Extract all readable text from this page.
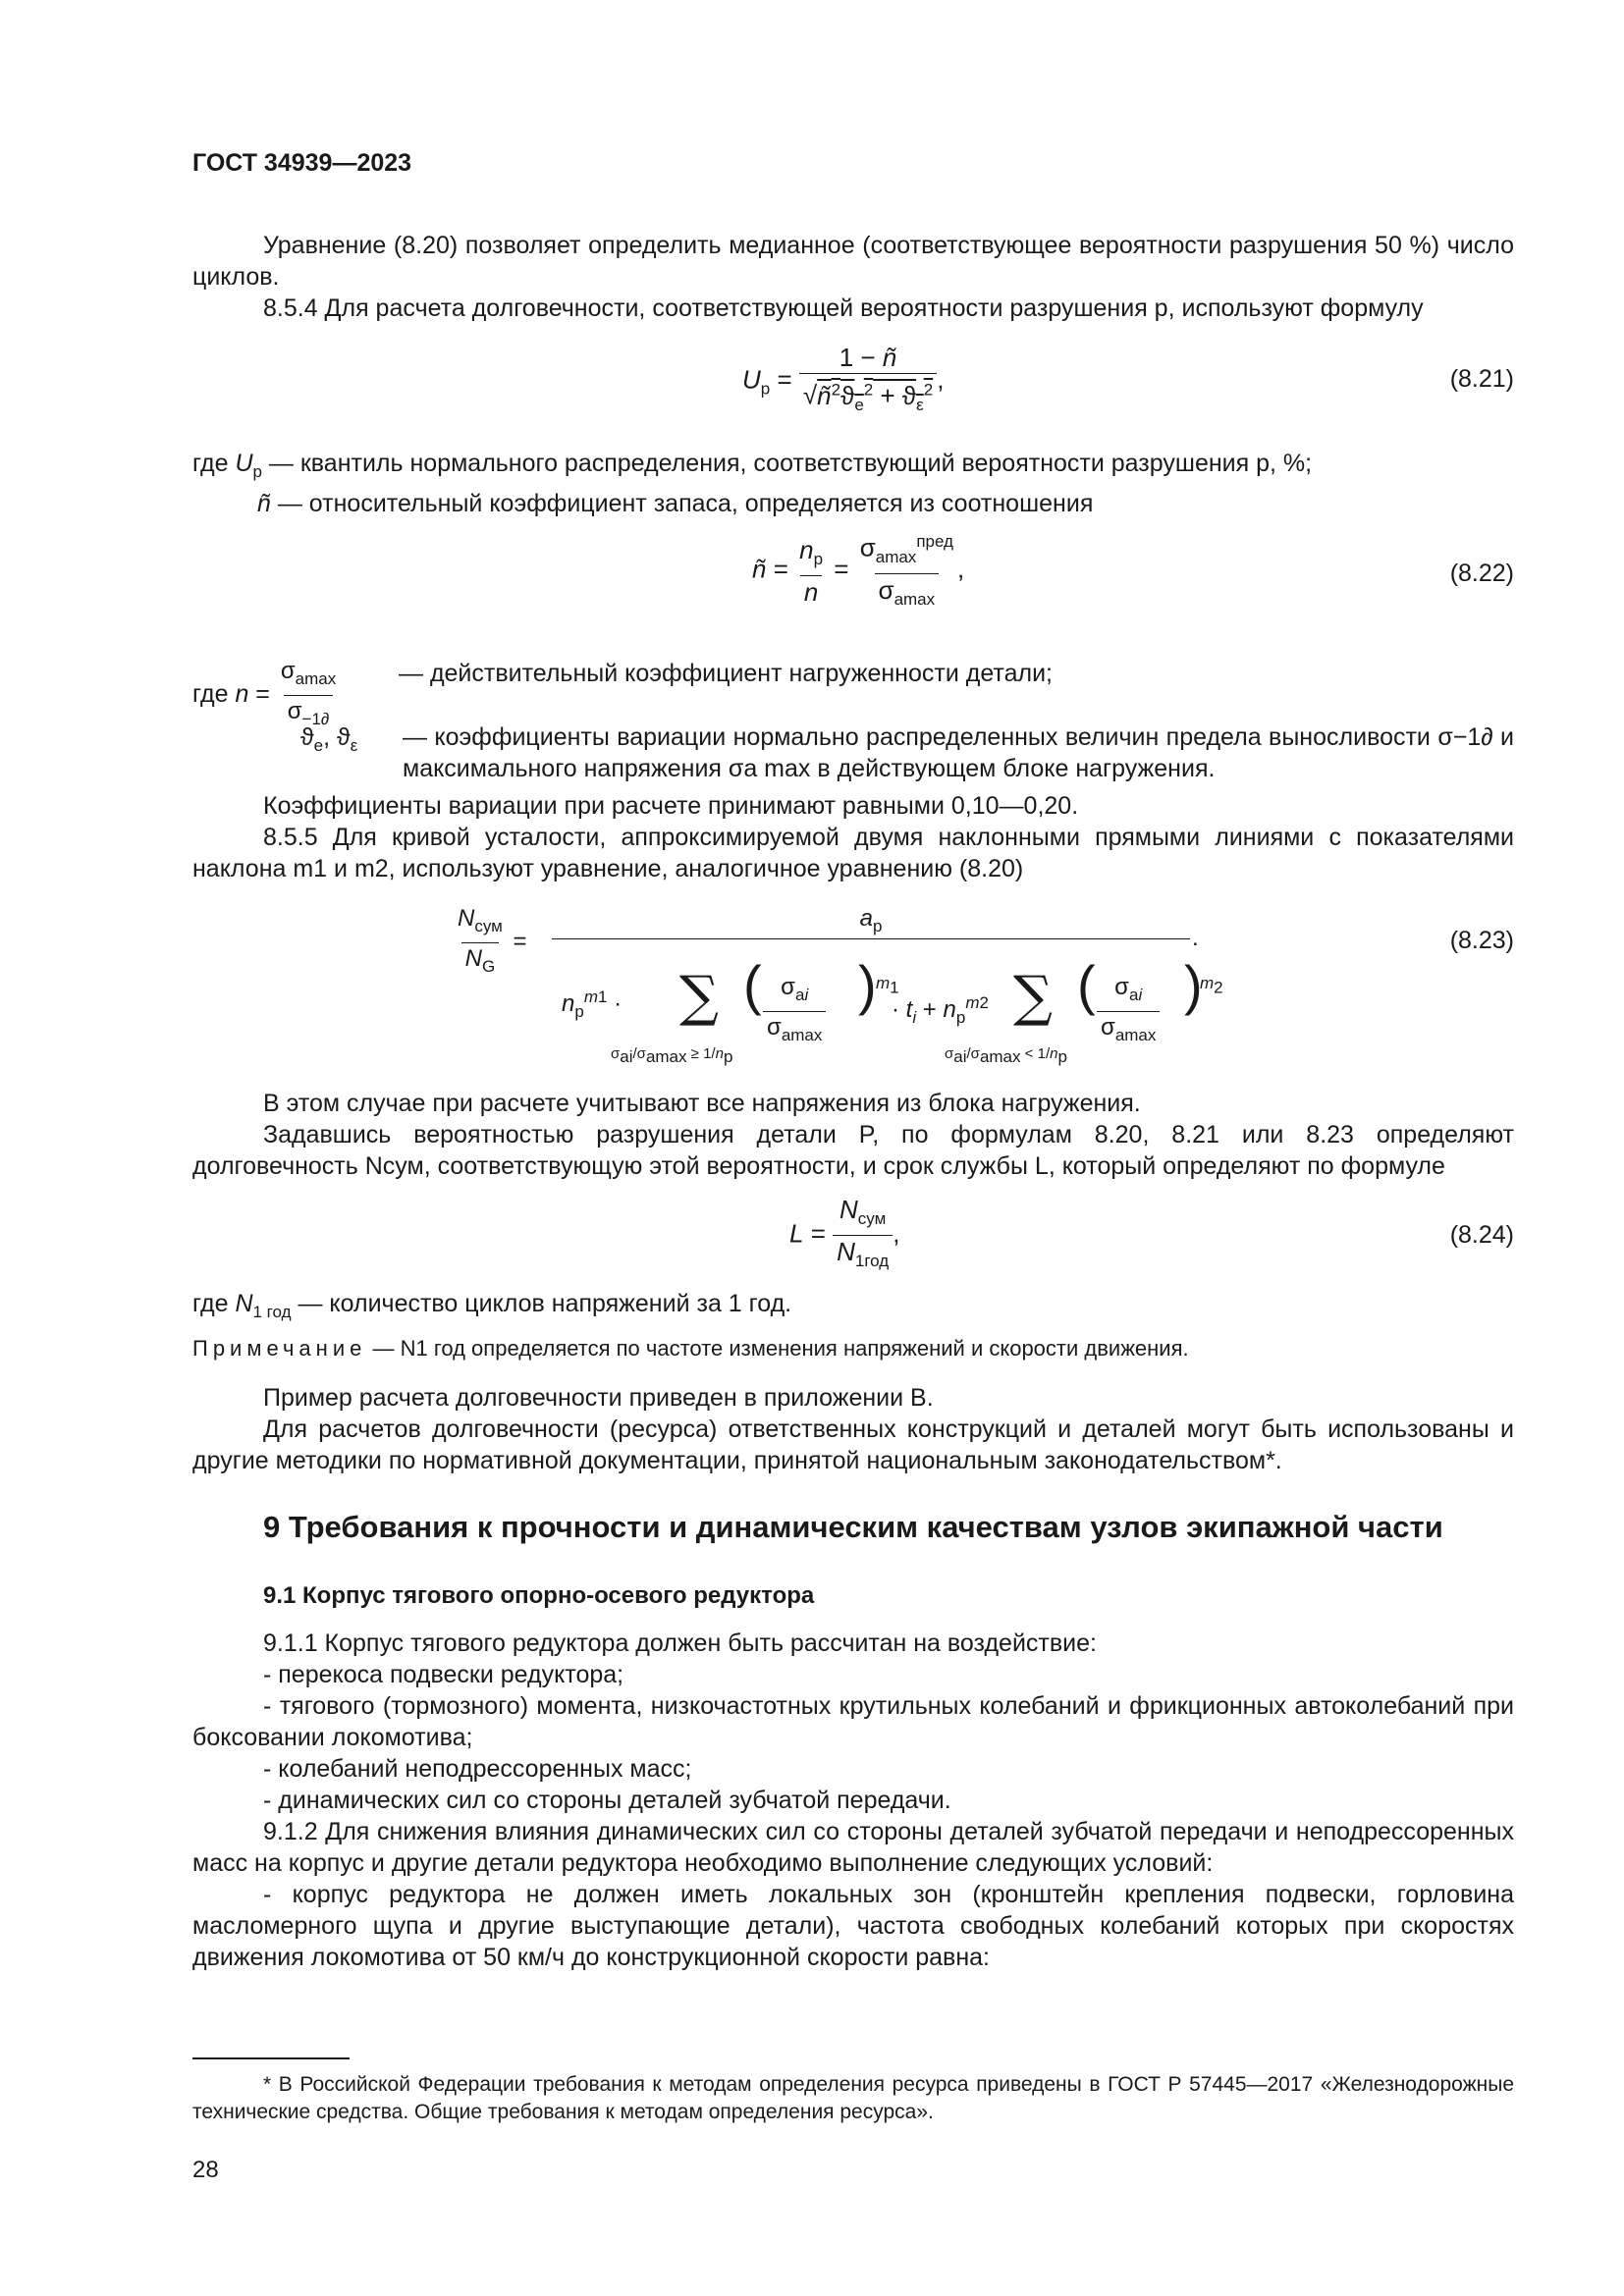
ГОСТ 34939—2023

Уравнение (8.20) позволяет определить медианное (соответствующее вероятности разрушения 50 %) число циклов.

8.5.4 Для расчета долговечности, соответствующей вероятности разрушения p, используют формулу

$U_р = \frac{1 - ñ}{√ñ^2ϑ_e^2 + ϑ_\varepsilon^2}$ ,	(8.21)
где $U_р$ — квантиль нормального распределения, соответствующий вероятности разрушения p, %;
ñ — относительный коэффициент запаса, определяется из соотношения
ñ = $\frac{n_р}{n} = \frac{\sigma_{amax}^{пред}}{\sigma_{amax}}$ ,	(8.22)
где $n = \frac{\sigma_{amax}}{\sigma_{-1\partial}}$ — действительный коэффициент нагруженности детали;
$ϑ_e$, $ϑ_\varepsilon$ — коэффициенты вариации нормально распределенных величин предела выносливости σ−1∂ и максимального напряжения σa max в действующем блоке нагружения.

Коэффициенты вариации при расчете принимают равными 0,10—0,20.

8.5.5 Для кривой усталости, аппроксимируемой двумя наклонными прямыми линиями с показателями наклона m1 и m2, используют уравнение, аналогичное уравнению (8.20)

$\frac{N_{сум}}{N_G}$ =
$a_р$	.
$n_р^{m1}$ · ∑
$\sigma_{ai}/\sigma_{amax} \ge 1/n_р$
( $\sigma_{ai}$
$\sigma_{amax}$
) $m_1$
· $t_i + n_р^{m2}$ ∑
$\sigma_{ai}/\sigma_{amax} < 1/n_р$
( $\sigma_{ai}$
$\sigma_{amax}$
)
$m_2$
(8.23)

В этом случае при расчете учитывают все напряжения из блока нагружения.

Задавшись вероятностью разрушения детали P, по формулам 8.20, 8.21 или 8.23 определяют долговечность Nсум, соответствующую этой вероятности, и срок службы L, который определяют по формуле

$L = \frac{N_{сум}}{N_{1год}}$ ,	(8.24)
где $N_{1 год}$ — количество циклов напряжений за 1 год.
Примечание — N1 год определяется по частоте изменения напряжений и скорости движения.

Пример расчета долговечности приведен в приложении В.

Для расчетов долговечности (ресурса) ответственных конструкций и деталей могут быть использованы и другие методики по нормативной документации, принятой национальным законодательством*.

9 Требования к прочности и динамическим качествам узлов экипажной части
9.1 Корпус тягового опорно-осевого редуктора

9.1.1 Корпус тягового редуктора должен быть рассчитан на воздействие:

- перекоса подвески редуктора;

- тягового (тормозного) момента, низкочастотных крутильных колебаний и фрикционных автоколебаний при боксовании локомотива;

- колебаний неподрессоренных масс;

- динамических сил со стороны деталей зубчатой передачи.

9.1.2 Для снижения влияния динамических сил со стороны деталей зубчатой передачи и неподрессоренных масс на корпус и другие детали редуктора необходимо выполнение следующих условий:

- корпус редуктора не должен иметь локальных зон (кронштейн крепления подвески, горловина масломерного щупа и другие выступающие детали), частота свободных колебаний которых при скоростях движения локомотива от 50 км/ч до конструкционной скорости равна:

* В Российской Федерации требования к методам определения ресурса приведены в ГОСТ Р 57445—2017 «Железнодорожные технические средства. Общие требования к методам определения ресурса».
28
